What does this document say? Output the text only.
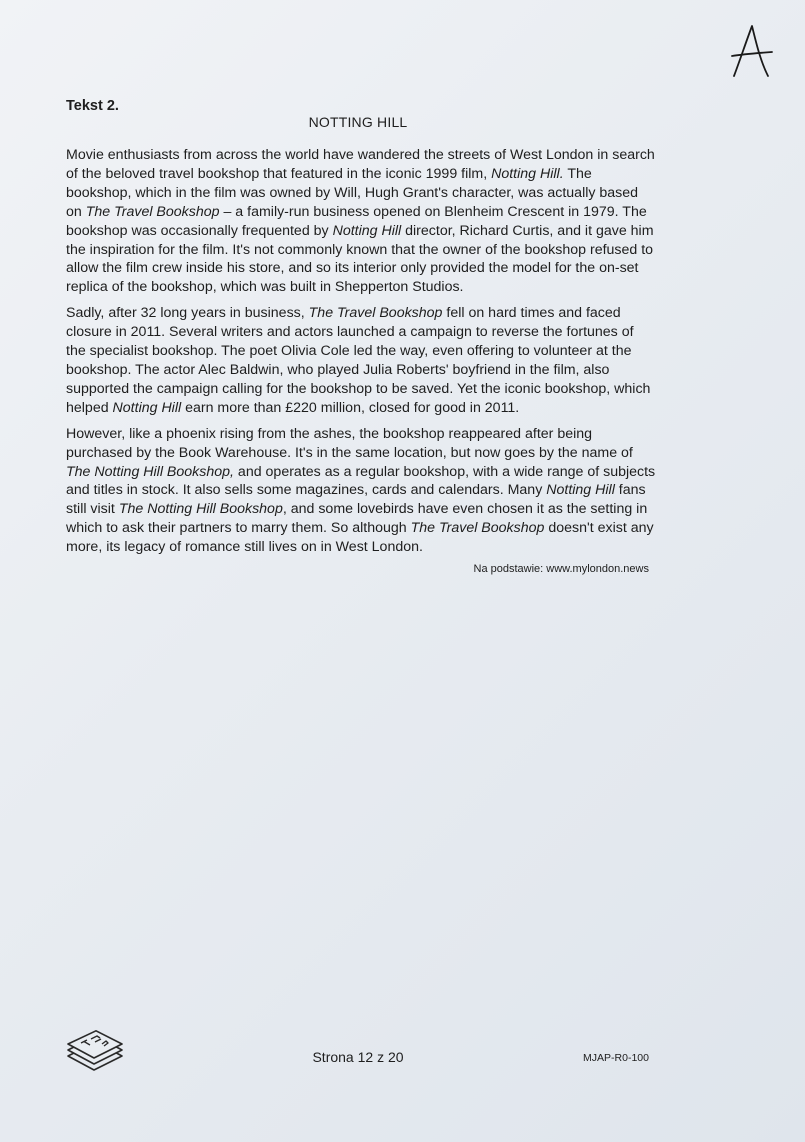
Tekst 2.
NOTTING HILL

Movie enthusiasts from across the world have wandered the streets of West London in search of the beloved travel bookshop that featured in the iconic 1999 film, Notting Hill. The bookshop, which in the film was owned by Will, Hugh Grant's character, was actually based on The Travel Bookshop – a family-run business opened on Blenheim Crescent in 1979. The bookshop was occasionally frequented by Notting Hill director, Richard Curtis, and it gave him the inspiration for the film. It's not commonly known that the owner of the bookshop refused to allow the film crew inside his store, and so its interior only provided the model for the on-set replica of the bookshop, which was built in Shepperton Studios.

Sadly, after 32 long years in business, The Travel Bookshop fell on hard times and faced closure in 2011. Several writers and actors launched a campaign to reverse the fortunes of the specialist bookshop. The poet Olivia Cole led the way, even offering to volunteer at the bookshop. The actor Alec Baldwin, who played Julia Roberts' boyfriend in the film, also supported the campaign calling for the bookshop to be saved. Yet the iconic bookshop, which helped Notting Hill earn more than £220 million, closed for good in 2011.

However, like a phoenix rising from the ashes, the bookshop reappeared after being purchased by the Book Warehouse. It's in the same location, but now goes by the name of The Notting Hill Bookshop, and operates as a regular bookshop, with a wide range of subjects and titles in stock. It also sells some magazines, cards and calendars. Many Notting Hill fans still visit The Notting Hill Bookshop, and some lovebirds have even chosen it as the setting in which to ask their partners to marry them. So although The Travel Bookshop doesn't exist any more, its legacy of romance still lives on in West London.

Na podstawie: www.mylondon.news
Strona 12 z 20	MJAP-R0-100
